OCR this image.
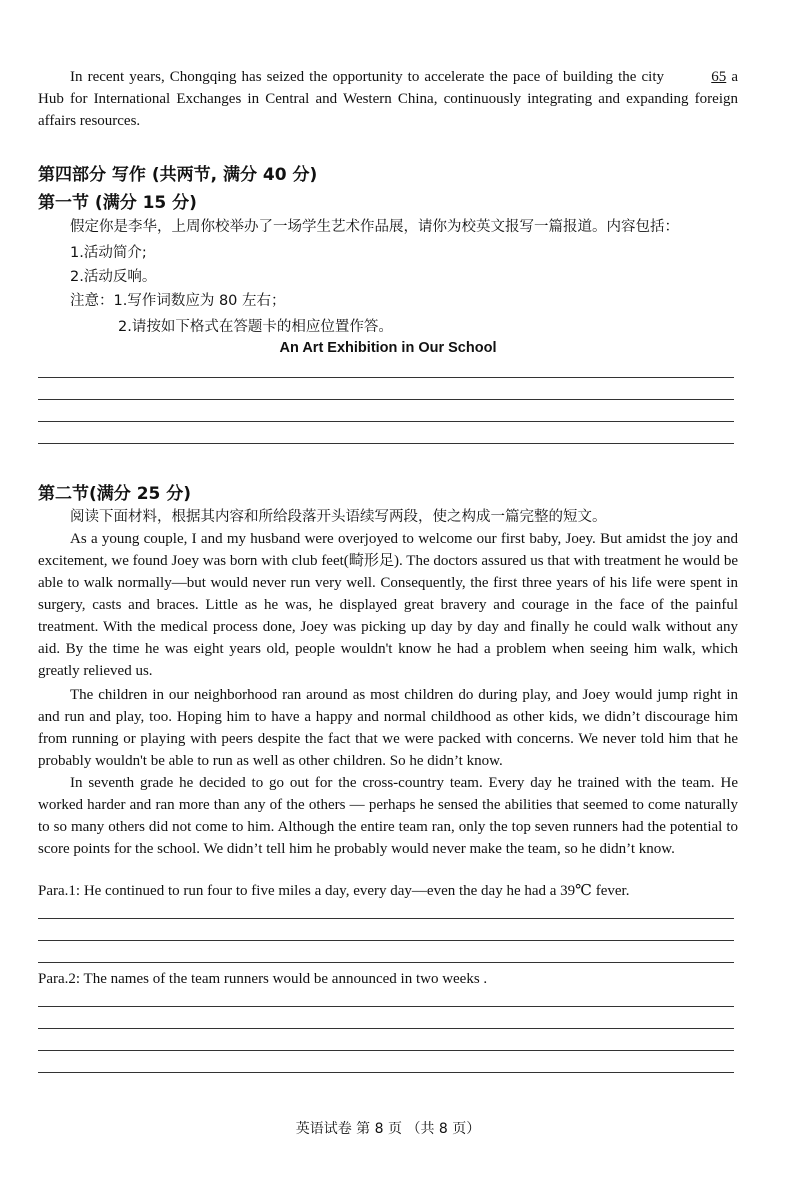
In recent years, Chongqing has seized the opportunity to accelerate the pace of building the city	65 a Hub for International Exchanges in Central and Western China, continuously integrating and expanding foreign affairs resources.

第四部分 写作 (共两节, 满分 40 分)
第一节 (满分 15 分)
假定你是李华，上周你校举办了一场学生艺术作品展，请你为校英文报写一篇报道。内容包括：
1.活动简介;
2.活动反响。
注意：1.写作词数应为 80 左右；
2.请按如下格式在答题卡的相应位置作答。
An Art Exhibition in Our School
第二节(满分 25 分)
阅读下面材料，根据其内容和所给段落开头语续写两段，使之构成一篇完整的短文。

As a young couple, I and my husband were overjoyed to welcome our first baby, Joey. But amidst the joy and excitement, we found Joey was born with club feet(畸形足). The doctors assured us that with treatment he would be able to walk normally—but would never run very well. Consequently, the first three years of his life were spent in surgery, casts and braces. Little as he was, he displayed great bravery and courage in the face of the painful treatment. With the medical process done, Joey was picking up day by day and finally he could walk without any aid. By the time he was eight years old, people wouldn't know he had a problem when seeing him walk, which greatly relieved us.

The children in our neighborhood ran around as most children do during play, and Joey would jump right in and run and play, too. Hoping him to have a happy and normal childhood as other kids, we didn’t discourage him from running or playing with peers despite the fact that we were packed with concerns. We never told him that he probably wouldn't be able to run as well as other children. So he didn’t know.

In seventh grade he decided to go out for the cross-country team. Every day he trained with the team. He worked harder and ran more than any of the others — perhaps he sensed the abilities that seemed to come naturally to so many others did not come to him. Although the entire team ran, only the top seven runners had the potential to score points for the school. We didn’t tell him he probably would never make the team, so he didn’t know.

Para.1: He continued to run four to five miles a day, every day—even the day he had a 39℃ fever.
Para.2: The names of the team runners would be announced in two weeks .
英语试卷 第 8 页 （共 8 页）
